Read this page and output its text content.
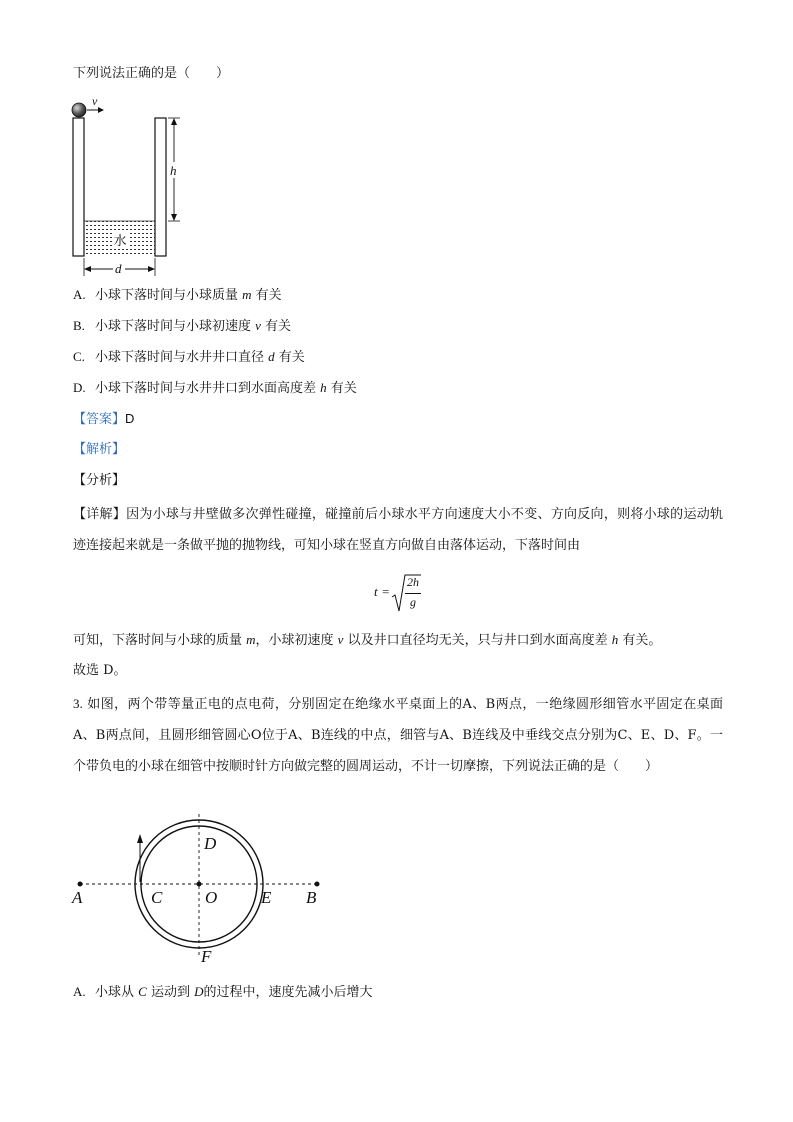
下列说法正确的是（　　）
水
v
h
d
A. 小球下落时间与小球质量 m 有关
B. 小球下落时间与小球初速度 v 有关
C. 小球下落时间与水井井口直径 d 有关
D. 小球下落时间与水井井口到水面高度差 h 有关
【答案】D
【解析】
【分析】
【详解】因为小球与井壁做多次弹性碰撞，碰撞前后小球水平方向速度大小不变、方向反向，则将小球的运动轨迹连接起来就是一条做平抛的抛物线，可知小球在竖直方向做自由落体运动，下落时间由
t =
2h
g
可知，下落时间与小球的质量 m，小球初速度 v 以及井口直径均无关，只与井口到水面高度差 h 有关。
故选 D。
3. 如图，两个带等量正电的点电荷，分别固定在绝缘水平桌面上的A、B两点，一绝缘圆形细管水平固定在桌面A、B两点间，且圆形细管圆心O位于A、B连线的中点，细管与A、B连线及中垂线交点分别为C、E、D、F。一个带负电的小球在细管中按顺时针方向做完整的圆周运动，不计一切摩擦，下列说法正确的是（　　）
A	B
C	O	E
D
F
A. 小球从 C 运动到 D的过程中，速度先减小后增大
